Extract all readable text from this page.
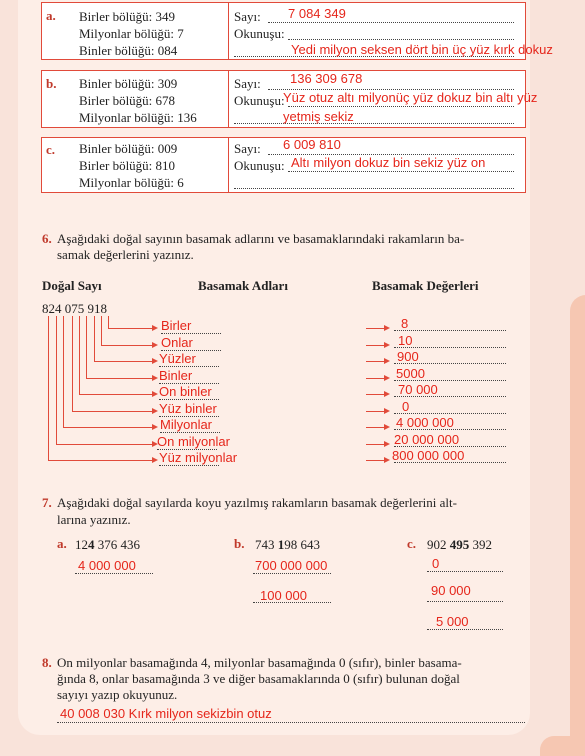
a. Birler bölüğü: 349
Milyonlar bölüğü: 7
Binler bölüğü: 084
Sayı: 7 084 349
Okunuşu:
Yedi milyon seksen dört bin üç yüz kırk dokuz
b. Binler bölüğü: 309
Birler bölüğü: 678
Milyonlar bölüğü: 136
Sayı: 136 309 678
Okunuşu:
Yüz otuz altı milyonüç yüz dokuz bin altı yüz
yetmiş sekiz
c. Binler bölüğü: 009
Birler bölüğü: 810
Milyonlar bölüğü: 6
Sayı: 6 009 810
Okunuşu: Altı milyon dokuz bin sekiz yüz on
6. Aşağıdaki doğal sayının basamak adlarını ve basamaklarındaki rakamların ba-
samak değerlerini yazınız.
Doğal Sayı	Basamak Adları	Basamak Değerleri
824 075 918
Birler	8
Onlar	10
Yüzler	900
Binler	5000
On binler	70 000
Yüz binler	0
Milyonlar	4 000 000
On milyonlar	20 000 000
Yüz milyonlar	800 000 000
7. Aşağıdaki doğal sayılarda koyu yazılmış rakamların basamak değerlerini alt-
larına yazınız.
a. 124 376 436
4 000 000
b. 743 198 643
700 000 000
100 000
c. 902 495 392
0
90 000
5 000
8. On milyonlar basamağında 4, milyonlar basamağında 0 (sıfır), binler basama-
ğında 8, onlar basamağında 3 ve diğer basamaklarında 0 (sıfır) bulunan doğal
sayıyı yazıp okuyunuz.
40 008 030 Kırk milyon sekizbin otuz
